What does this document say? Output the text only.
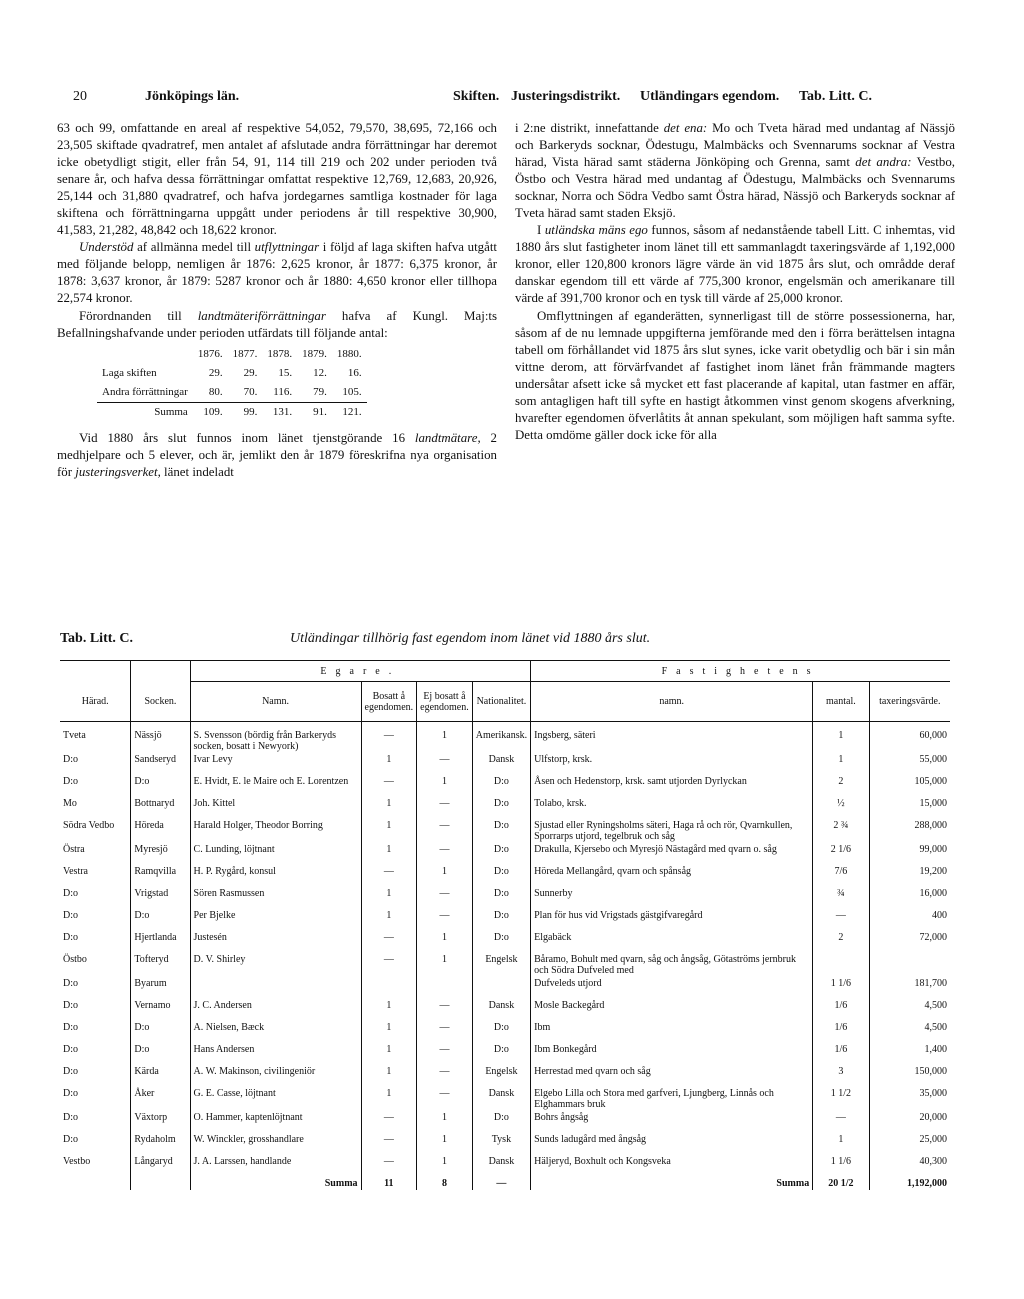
20	Jönköpings län.	Skiften. Justeringsdistrikt. Utländingars egendom. Tab. Litt. C.

63 och 99, omfattande en areal af respektive 54,052, 79,570, 38,695, 72,166 och 23,505 skiftade qvadratref, men antalet af afslutade andra förrättningar har deremot icke obetydligt stigit, eller från 54, 91, 114 till 219 och 202 under perioden två senare år, och hafva dessa förrättningar omfattat respektive 12,769, 12,683, 20,926, 25,144 och 31,880 qvadratref, och hafva jordegarnes samtliga kostnader för laga skiftena och förrättningarna uppgått under periodens år till respektive 30,900, 41,583, 21,282, 48,842 och 18,622 kronor.

Understöd af allmänna medel till utflyttningar i följd af laga skiften hafva utgått med följande belopp, nemligen år 1876: 2,625 kronor, år 1877: 6,375 kronor, år 1878: 3,637 kronor, år 1879: 5287 kronor och år 1880: 4,650 kronor eller tillhopa 22,574 kronor.

Förordnanden till landtmäteriförrättningar hafva af Kungl. Maj:ts Befallningshafvande under perioden utfärdats till följande antal:

	1876.	1877.	1878.	1879.	1880.
Laga skiften	29.	29.	15.	12.	16.
Andra förrättningar	80.	70.	116.	79.	105.
Summa	109.	99.	131.	91.	121.

Vid 1880 års slut funnos inom länet tjenstgörande 16 landtmätare, 2 medhjelpare och 5 elever, och är, jemlikt den år 1879 föreskrifna nya organisation för justeringsverket, länet indeladt

i 2:ne distrikt, innefattande det ena: Mo och Tveta härad med undantag af Nässjö och Barkeryds socknar, Ödestugu, Malmbäcks och Svennarums socknar af Vestra härad, Vista härad samt städerna Jönköping och Grenna, samt det andra: Vestbo, Östbo och Vestra härad med undantag af Ödestugu, Malmbäcks och Svennarums socknar, Norra och Södra Vedbo samt Östra härad, Nässjö och Barkeryds socknar af Tveta härad samt staden Eksjö.

I utländska mäns ego funnos, såsom af nedanstående tabell Litt. C inhemtas, vid 1880 års slut fastigheter inom länet till ett sammanlagdt taxeringsvärde af 1,192,000 kronor, eller 120,800 kronors lägre värde än vid 1875 års slut, och områdde deraf danskar egendom till ett värde af 775,300 kronor, engelsmän och amerikanare till värde af 391,700 kronor och en tysk till värde af 25,000 kronor.

Omflyttningen af eganderätten, synnerligast till de större possessionerna, har, såsom af de nu lemnade uppgifterna jemförande med den i förra berättelsen intagna tabell om förhållandet vid 1875 års slut synes, icke varit obetydlig och bär i sin mån vittne derom, att förvärfvandet af fastighet inom länet från främmande magters undersåtar afsett icke så mycket ett fast placerande af kapital, utan fastmer en affär, som antagligen haft till syfte en hastigt åtkommen vinst genom skogens afverkning, hvarefter egendomen öfverlåtits åt annan spekulant, som möjligen haft samma syfte. Detta omdöme gäller dock icke för alla

Tab. Litt. C.	Utländingar tillhörig fast egendom inom länet vid 1880 års slut.
		Egare.				Fastighetens		
Härad.	Socken.	Namn.	Bosatt å egendomen.	Ej bosatt å egendomen.	Nationalitet.	namn.	mantal.	taxeringsvärde.
Tveta	Nässjö	S. Svensson (bördig från Barkeryds socken, bosatt i Newyork)	—	1	Amerikansk.	Ingsberg, säteri	1	60,000
D:o	Sandseryd	Ivar Levy	1	—	Dansk	Ulfstorp, krsk.	1	55,000
D:o	D:o	E. Hvidt, E. le Maire och E. Lorentzen	—	1	D:o	Åsen och Hedenstorp, krsk. samt utjorden Dyrlyckan	2	105,000
Mo	Bottnaryd	Joh. Kittel	1	—	D:o	Tolabo, krsk.	½	15,000
Södra Vedbo	Höreda	Harald Holger, Theodor Borring	1	—	D:o	Sjustad eller Ryningsholms säteri, Haga rå och rör, Qvarnkullen, Sporrarps utjord, tegelbruk och såg	2 ¾	288,000
Östra	Myresjö	C. Lunding, löjtnant	1	—	D:o	Drakulla, Kjersebo och Myresjö Nästagård med qvarn o. såg	2 1/6	99,000
Vestra	Ramqvilla	H. P. Rygård, konsul	—	1	D:o	Höreda Mellangård, qvarn och spånsåg	7/6	19,200
D:o	Vrigstad	Sören Rasmussen	1	—	D:o	Sunnerby	¾	16,000
D:o	D:o	Per Bjelke	1	—	D:o	Plan för hus vid Vrigstads gästgifvaregård	—	400
D:o	Hjertlanda	Justesén	—	1	D:o	Elgabäck	2	72,000
Östbo	Tofteryd	D. V. Shirley	—	1	Engelsk	Båramo, Bohult med qvarn, såg och ångsåg, Götaströms jernbruk och Södra Dufveled med		
D:o	Byarum					Dufveleds utjord	1 1/6	181,700
D:o	Vernamo	J. C. Andersen	1	—	Dansk	Mosle Backegård	1/6	4,500
D:o	D:o	A. Nielsen, Bæck	1	—	D:o	Ibm	1/6	4,500
D:o	D:o	Hans Andersen	1	—	D:o	Ibm Bonkegård	1/6	1,400
D:o	Kärda	A. W. Makinson, civilingeniör	1	—	Engelsk	Herrestad med qvarn och såg	3	150,000
D:o	Åker	G. E. Casse, löjtnant	1	—	Dansk	Elgebo Lilla och Stora med garfveri, Ljungberg, Linnås och Elghammars bruk	1 1/2	35,000
D:o	Växtorp	O. Hammer, kaptenlöjtnant	—	1	D:o	Bohrs ångsåg	—	20,000
D:o	Rydaholm	W. Winckler, grosshandlare	—	1	Tysk	Sunds ladugård med ångsåg	1	25,000
Vestbo	Långaryd	J. A. Larssen, handlande	—	1	Dansk	Häljeryd, Boxhult och Kongsveka	1 1/6	40,300
		Summa	11	8	—	Summa	20 1/2	1,192,000
